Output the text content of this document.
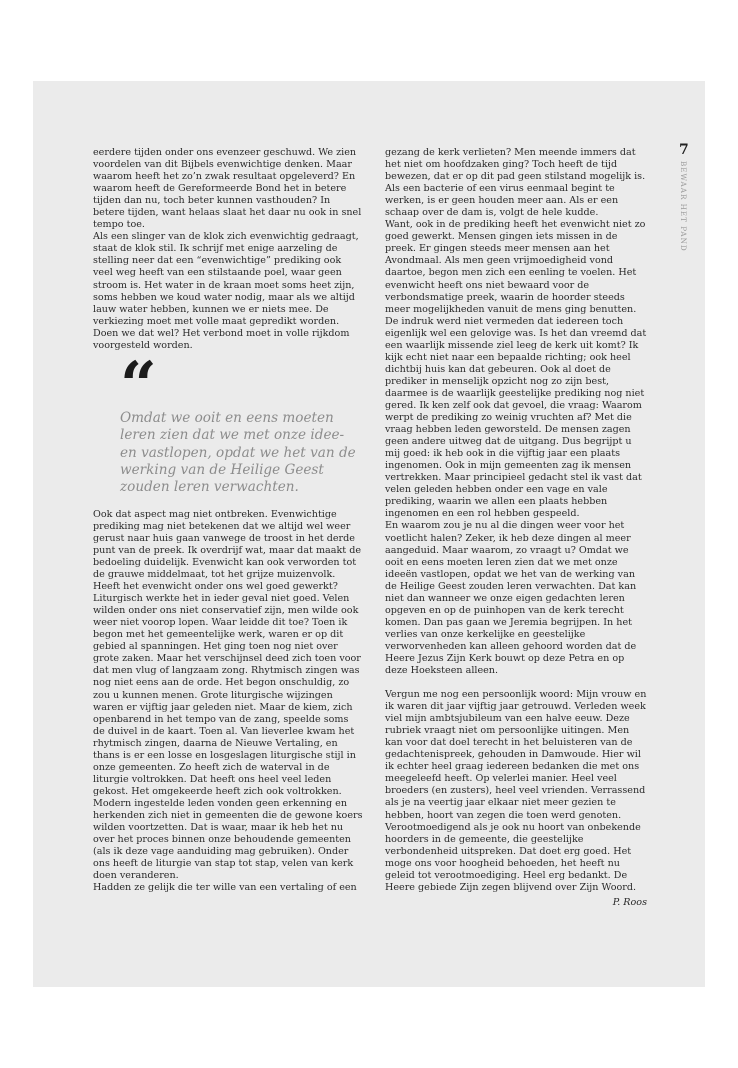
7
BEWAAR HET PAND

eerdere tijden onder ons evenzeer geschuwd. We zien voordelen van dit Bijbels evenwichtige denken. Maar waarom heeft het zo’n zwak resultaat opgeleverd? En waarom heeft de Gereformeerde Bond het in betere tijden dan nu, toch beter kunnen vasthouden? In betere tijden, want helaas slaat het daar nu ook in snel tempo toe.

Als een slinger van de klok zich evenwichtig gedraagt, staat de klok stil. Ik schrijf met enige aarzeling de stelling neer dat een “evenwichtige” prediking ook veel weg heeft van een stilstaande poel, waar geen stroom is. Het water in de kraan moet soms heet zijn, soms hebben we koud water nodig, maar als we altijd lauw water hebben, kunnen we er niets mee. De verkiezing moet met volle maat gepredikt worden. Doen we dat wel? Het verbond moet in volle rijkdom voorgesteld worden.

“
Omdat we ooit en eens moeten leren zien dat we met onze idee-en vastlopen, opdat we het van de werking van de Heilige Geest zouden leren verwachten.

Ook dat aspect mag niet ontbreken. Evenwichtige prediking mag niet betekenen dat we altijd wel weer gerust naar huis gaan vanwege de troost in het derde punt van de preek. Ik overdrijf wat, maar dat maakt de bedoeling duidelijk. Evenwicht kan ook verworden tot de grauwe middelmaat, tot het grijze muizenvolk.

Heeft het evenwicht onder ons wel goed gewerkt? Liturgisch werkte het in ieder geval niet goed. Velen wilden onder ons niet conservatief zijn, men wilde ook weer niet voorop lopen. Waar leidde dit toe? Toen ik begon met het gemeentelijke werk, waren er op dit gebied al spanningen. Het ging toen nog niet over grote zaken. Maar het verschijnsel deed zich toen voor dat men vlug of langzaam zong. Rhytmisch zingen was nog niet eens aan de orde. Het begon onschuldig, zo zou u kunnen menen. Grote liturgische wijzingen waren er vijftig jaar geleden niet. Maar de kiem, zich openbarend in het tempo van de zang, speelde soms de duivel in de kaart. Toen al. Van lieverlee kwam het rhytmisch zingen, daarna de Nieuwe Vertaling, en thans is er een losse en losgeslagen liturgische stijl in onze gemeenten. Zo heeft zich de waterval in de liturgie voltrokken. Dat heeft ons heel veel leden gekost. Het omgekeerde heeft zich ook voltrokken. Modern ingestelde leden vonden geen erkenning en herkenden zich niet in gemeenten die de gewone koers wilden voortzetten. Dat is waar, maar ik heb het nu over het proces binnen onze behoudende gemeenten (als ik deze vage aanduiding mag gebruiken). Onder ons heeft de liturgie van stap tot stap, velen van kerk doen veranderen.

Hadden ze gelijk die ter wille van een vertaling of een

gezang de kerk verlieten? Men meende immers dat het niet om hoofdzaken ging? Toch heeft de tijd bewezen, dat er op dit pad geen stilstand mogelijk is. Als een bacterie of een virus eenmaal begint te werken, is er geen houden meer aan. Als er een schaap over de dam is, volgt de hele kudde.

Want, ook in de prediking heeft het evenwicht niet zo goed gewerkt. Mensen gingen iets missen in de preek. Er gingen steeds meer mensen aan het Avondmaal. Als men geen vrijmoedigheid vond daartoe, begon men zich een eenling te voelen. Het evenwicht heeft ons niet bewaard voor de verbondsmatige preek, waarin de hoorder steeds meer mogelijkheden vanuit de mens ging benutten. De indruk werd niet vermeden dat iedereen toch eigenlijk wel een gelovige was. Is het dan vreemd dat een waarlijk missende ziel leeg de kerk uit komt? Ik kijk echt niet naar een bepaalde richting; ook heel dichtbij huis kan dat gebeuren. Ook al doet de prediker in menselijk opzicht nog zo zijn best, daarmee is de waarlijk geestelijke prediking nog niet gered. Ik ken zelf ook dat gevoel, die vraag: Waarom werpt de prediking zo weinig vruchten af? Met die vraag hebben leden geworsteld. De mensen zagen geen andere uitweg dat de uitgang. Dus begrijpt u mij goed: ik heb ook in die vijftig jaar een plaats ingenomen. Ook in mijn gemeenten zag ik mensen vertrekken. Maar principieel gedacht stel ik vast dat velen geleden hebben onder een vage en vale prediking, waarin we allen een plaats hebben ingenomen en een rol hebben gespeeld.

En waarom zou je nu al die dingen weer voor het voetlicht halen? Zeker, ik heb deze dingen al meer aangeduid. Maar waarom, zo vraagt u? Omdat we ooit en eens moeten leren zien dat we met onze ideeën vastlopen, opdat we het van de werking van de Heilige Geest zouden leren verwachten. Dat kan niet dan wanneer we onze eigen gedachten leren opgeven en op de puinhopen van de kerk terecht komen. Dan pas gaan we Jeremia begrijpen. In het verlies van onze kerkelijke en geestelijke verworvenheden kan alleen gehoord worden dat de Heere Jezus Zijn Kerk bouwt op deze Petra en op deze Hoeksteen alleen.

Vergun me nog een persoonlijk woord: Mijn vrouw en ik waren dit jaar vijftig jaar getrouwd. Verleden week viel mijn ambtsjubileum van een halve eeuw. Deze rubriek vraagt niet om persoonlijke uitingen. Men kan voor dat doel terecht in het beluisteren van de gedachtenispreek, gehouden in Damwoude. Hier wil ik echter heel graag iedereen bedanken die met ons meegeleefd heeft. Op velerlei manier. Heel veel broeders (en zusters), heel veel vrienden. Verrassend als je na veertig jaar elkaar niet meer gezien te hebben, hoort van zegen die toen werd genoten. Verootmoedigend als je ook nu hoort van onbekende hoorders in de gemeente, die geestelijke verbondenheid uitspreken. Dat doet erg goed. Het moge ons voor hoogheid behoeden, het heeft nu geleid tot verootmoediging. Heel erg bedankt. De Heere gebiede Zijn zegen blijvend over Zijn Woord.

P. Roos
